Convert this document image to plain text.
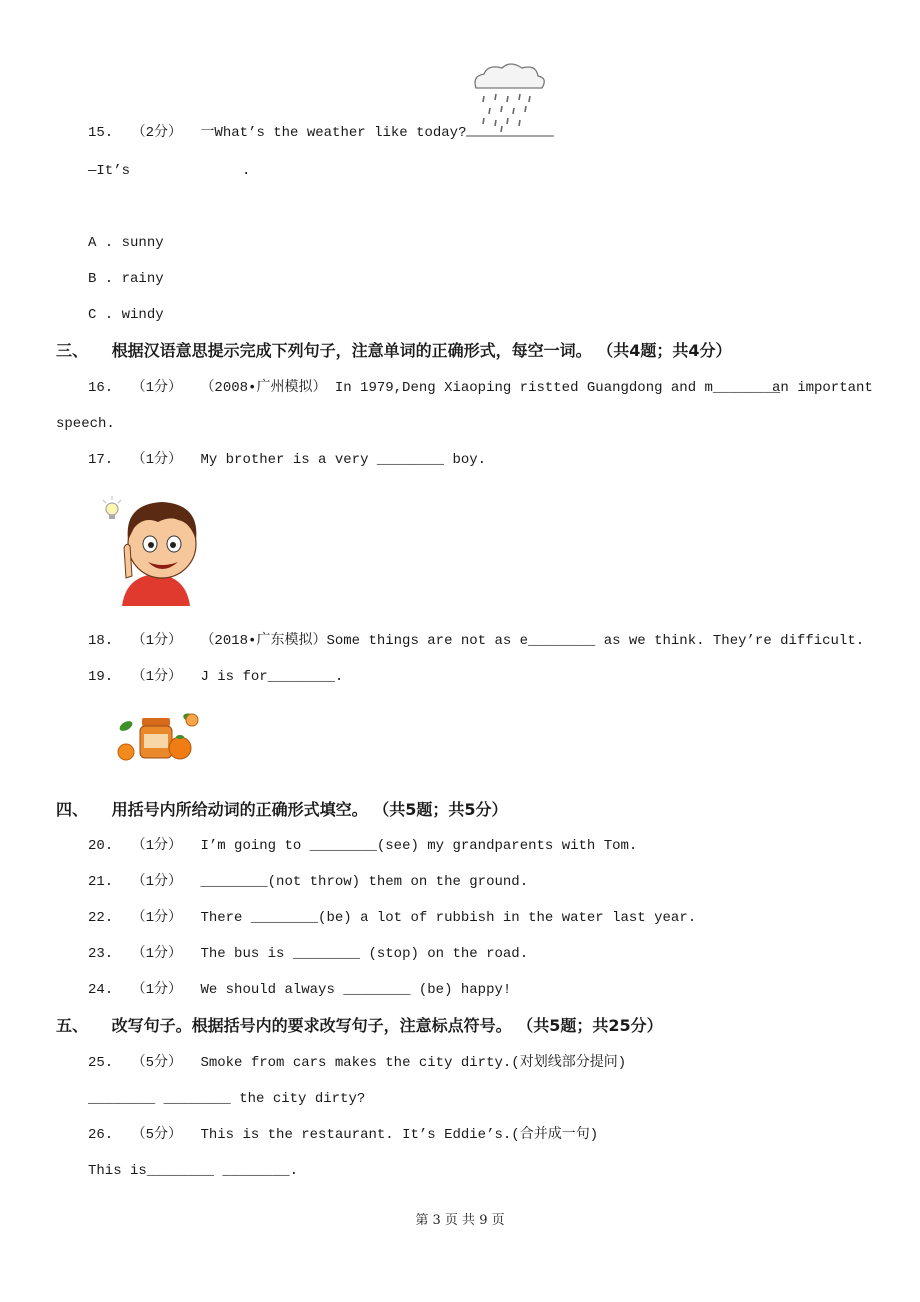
15. （2分） 一What’s the weather like today?
—It’s	.
A . sunny
B . rainy
C . windy
三、 根据汉语意思提示完成下列句子，注意单词的正确形式，每空一词。 （共4题；共4分）
16. （1分） （2008•广州模拟） In 1979,Deng Xiaoping ristted Guangdong and m________
an important
speech.
17. （1分） My brother is a very ________ boy.
18. （1分） （2018•广东模拟）Some things are not as e________ as we think. They’re difficult.
19. （1分） J is for________.
四、 用括号内所给动词的正确形式填空。 （共5题；共5分）
20. （1分） I’m going to ________(see) my grandparents with Tom.
21. （1分） ________(not throw) them on the ground.
22. （1分） There ________(be) a lot of rubbish in the water last year.
23. （1分） The bus is ________ (stop) on the road.
24. （1分） We should always ________ (be) happy!
五、 改写句子。根据括号内的要求改写句子，注意标点符号。 （共5题；共25分）
25. （5分） Smoke from cars makes the city dirty.(对划线部分提问)
________ ________ the city dirty?
26. （5分） This is the restaurant. It’s Eddie’s.(合并成一句)
This is________ ________.
第 3 页 共 9 页
